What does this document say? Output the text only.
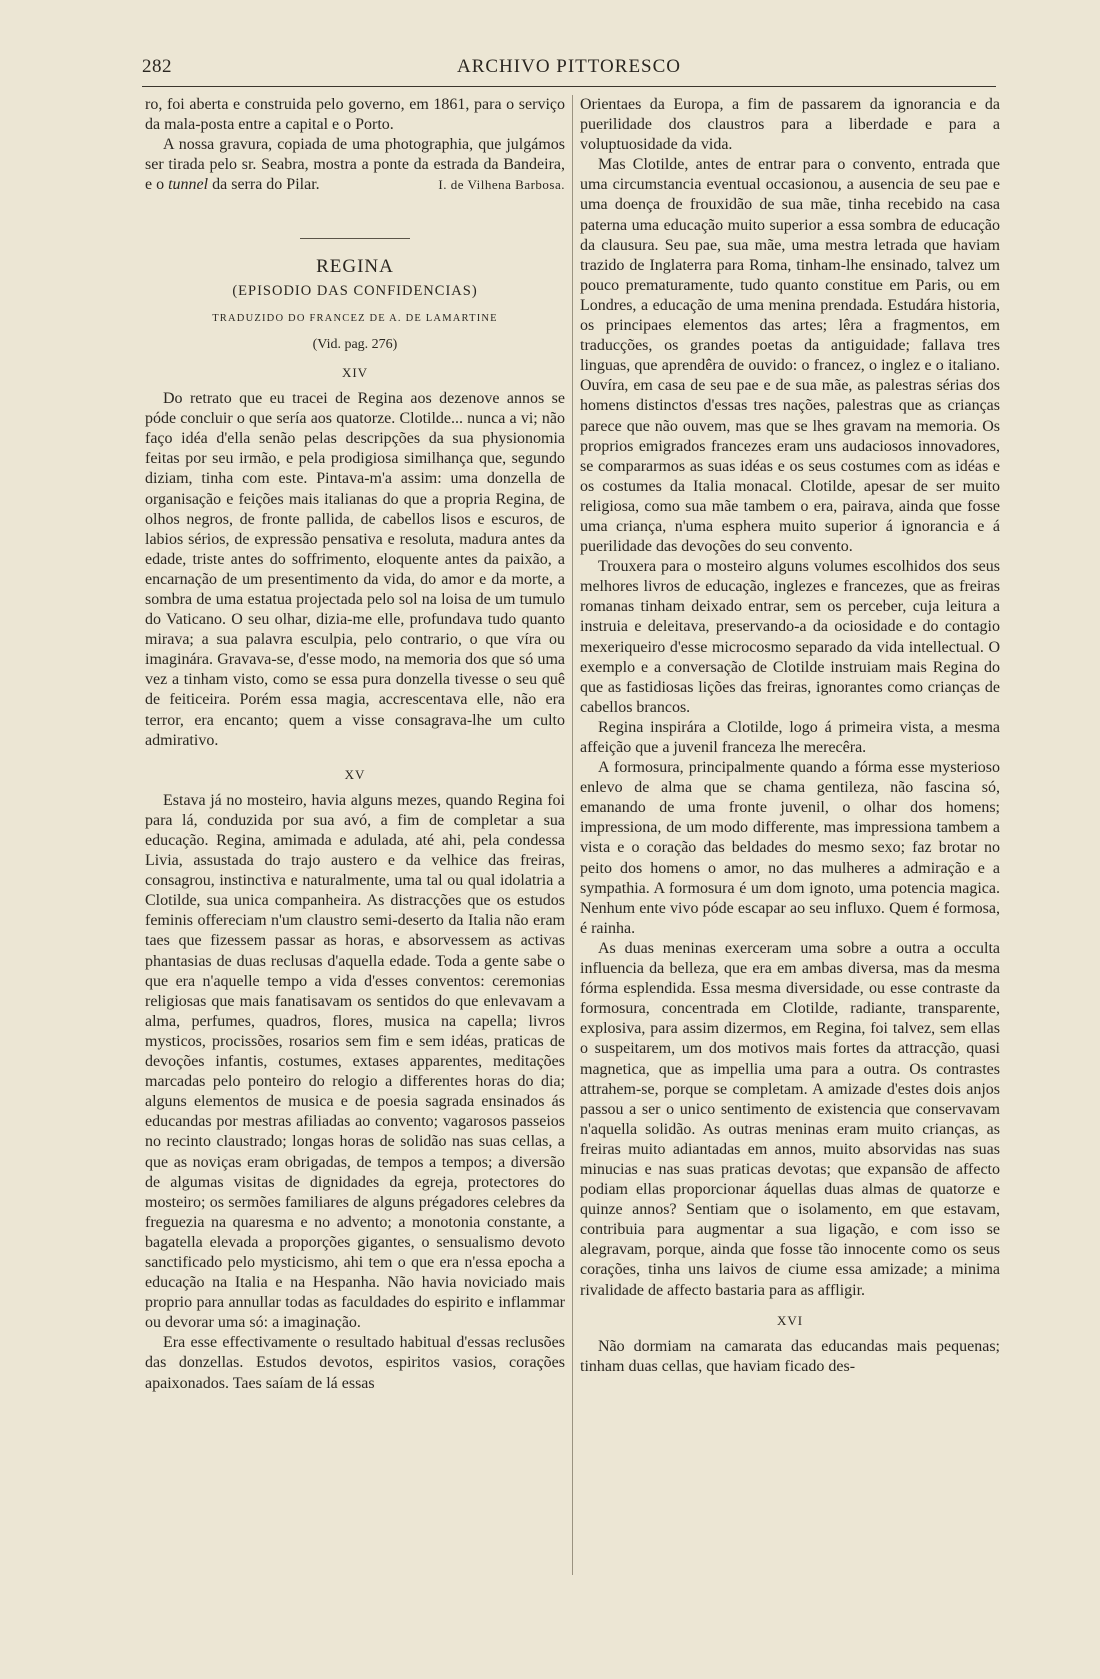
282	ARCHIVO PITTORESCO

ro, foi aberta e construida pelo governo, em 1861, para o serviço da mala-posta entre a capital e o Porto.

A nossa gravura, copiada de uma photographia, que julgámos ser tirada pelo sr. Seabra, mostra a ponte da estrada da Bandeira, e o tunnel da serra do Pilar.	I. de Vilhena Barbosa.
REGINA
(EPISODIO DAS CONFIDENCIAS)
TRADUZIDO DO FRANCEZ DE A. DE LAMARTINE
(Vid. pag. 276)
XIV

Do retrato que eu tracei de Regina aos dezenove annos se póde concluir o que sería aos quatorze. Clotilde... nunca a vi; não faço idéa d'ella senão pelas descripções da sua physionomia feitas por seu irmão, e pela prodigiosa similhança que, segundo diziam, tinha com este. Pintava-m'a assim: uma donzella de organisação e feições mais italianas do que a propria Regina, de olhos negros, de fronte pallida, de cabellos lisos e escuros, de labios sérios, de expressão pensativa e resoluta, madura antes da edade, triste antes do soffrimento, eloquente antes da paixão, a encarnação de um presentimento da vida, do amor e da morte, a sombra de uma estatua projectada pelo sol na loisa de um tumulo do Vaticano. O seu olhar, dizia-me elle, profundava tudo quanto mirava; a sua palavra esculpia, pelo contrario, o que víra ou imaginára. Gravava-se, d'esse modo, na memoria dos que só uma vez a tinham visto, como se essa pura donzella tivesse o seu quê de feiticeira. Porém essa magia, accrescentava elle, não era terror, era encanto; quem a visse consagrava-lhe um culto admirativo.

XV

Estava já no mosteiro, havia alguns mezes, quando Regina foi para lá, conduzida por sua avó, a fim de completar a sua educação. Regina, amimada e adulada, até ahi, pela condessa Livia, assustada do trajo austero e da velhice das freiras, consagrou, instinctiva e naturalmente, uma tal ou qual idolatria a Clotilde, sua unica companheira. As distracções que os estudos feminis offereciam n'um claustro semi-deserto da Italia não eram taes que fizessem passar as horas, e absorvessem as activas phantasias de duas reclusas d'aquella edade. Toda a gente sabe o que era n'aquelle tempo a vida d'esses conventos: ceremonias religiosas que mais fanatisavam os sentidos do que enlevavam a alma, perfumes, quadros, flores, musica na capella; livros mysticos, procissões, rosarios sem fim e sem idéas, praticas de devoções infantis, costumes, extases apparentes, meditações marcadas pelo ponteiro do relogio a differentes horas do dia; alguns elementos de musica e de poesia sagrada ensinados ás educandas por mestras afiliadas ao convento; vagarosos passeios no recinto claustrado; longas horas de solidão nas suas cellas, a que as noviças eram obrigadas, de tempos a tempos; a diversão de algumas visitas de dignidades da egreja, protectores do mosteiro; os sermões familiares de alguns prégadores celebres da freguezia na quaresma e no advento; a monotonia constante, a bagatella elevada a proporções gigantes, o sensualismo devoto sanctificado pelo mysticismo, ahi tem o que era n'essa epocha a educação na Italia e na Hespanha. Não havia noviciado mais proprio para annullar todas as faculdades do espirito e inflammar ou devorar uma só: a imaginação.

Era esse effectivamente o resultado habitual d'essas reclusões das donzellas. Estudos devotos, espiritos vasios, corações apaixonados. Taes saíam de lá essas

Orientaes da Europa, a fim de passarem da ignorancia e da puerilidade dos claustros para a liberdade e para a voluptuosidade da vida.

Mas Clotilde, antes de entrar para o convento, entrada que uma circumstancia eventual occasionou, a ausencia de seu pae e uma doença de frouxidão de sua mãe, tinha recebido na casa paterna uma educação muito superior a essa sombra de educação da clausura. Seu pae, sua mãe, uma mestra letrada que haviam trazido de Inglaterra para Roma, tinham-lhe ensinado, talvez um pouco prematuramente, tudo quanto constitue em Paris, ou em Londres, a educação de uma menina prendada. Estudára historia, os principaes elementos das artes; lêra a fragmentos, em traducções, os grandes poetas da antiguidade; fallava tres linguas, que aprendêra de ouvido: o francez, o inglez e o italiano. Ouvíra, em casa de seu pae e de sua mãe, as palestras sérias dos homens distinctos d'essas tres nações, palestras que as crianças parece que não ouvem, mas que se lhes gravam na memoria. Os proprios emigrados francezes eram uns audaciosos innovadores, se compararmos as suas idéas e os seus costumes com as idéas e os costumes da Italia monacal. Clotilde, apesar de ser muito religiosa, como sua mãe tambem o era, pairava, ainda que fosse uma criança, n'uma esphera muito superior á ignorancia e á puerilidade das devoções do seu convento.

Trouxera para o mosteiro alguns volumes escolhidos dos seus melhores livros de educação, inglezes e francezes, que as freiras romanas tinham deixado entrar, sem os perceber, cuja leitura a instruia e deleitava, preservando-a da ociosidade e do contagio mexeriqueiro d'esse microcosmo separado da vida intellectual. O exemplo e a conversação de Clotilde instruiam mais Regina do que as fastidiosas lições das freiras, ignorantes como crianças de cabellos brancos.

Regina inspirára a Clotilde, logo á primeira vista, a mesma affeição que a juvenil franceza lhe merecêra.

A formosura, principalmente quando a fórma esse mysterioso enlevo de alma que se chama gentileza, não fascina só, emanando de uma fronte juvenil, o olhar dos homens; impressiona, de um modo differente, mas impressiona tambem a vista e o coração das beldades do mesmo sexo; faz brotar no peito dos homens o amor, no das mulheres a admiração e a sympathia. A formosura é um dom ignoto, uma potencia magica. Nenhum ente vivo póde escapar ao seu influxo. Quem é formosa, é rainha.

As duas meninas exerceram uma sobre a outra a occulta influencia da belleza, que era em ambas diversa, mas da mesma fórma esplendida. Essa mesma diversidade, ou esse contraste da formosura, concentrada em Clotilde, radiante, transparente, explosiva, para assim dizermos, em Regina, foi talvez, sem ellas o suspeitarem, um dos motivos mais fortes da attracção, quasi magnetica, que as impellia uma para a outra. Os contrastes attrahem-se, porque se completam. A amizade d'estes dois anjos passou a ser o unico sentimento de existencia que conservavam n'aquella solidão. As outras meninas eram muito crianças, as freiras muito adiantadas em annos, muito absorvidas nas suas minucias e nas suas praticas devotas; que expansão de affecto podiam ellas proporcionar áquellas duas almas de quatorze e quinze annos? Sentiam que o isolamento, em que estavam, contribuia para augmentar a sua ligação, e com isso se alegravam, porque, ainda que fosse tão innocente como os seus corações, tinha uns laivos de ciume essa amizade; a minima rivalidade de affecto bastaria para as affligir.

XVI

Não dormiam na camarata das educandas mais pequenas; tinham duas cellas, que haviam ficado des-
